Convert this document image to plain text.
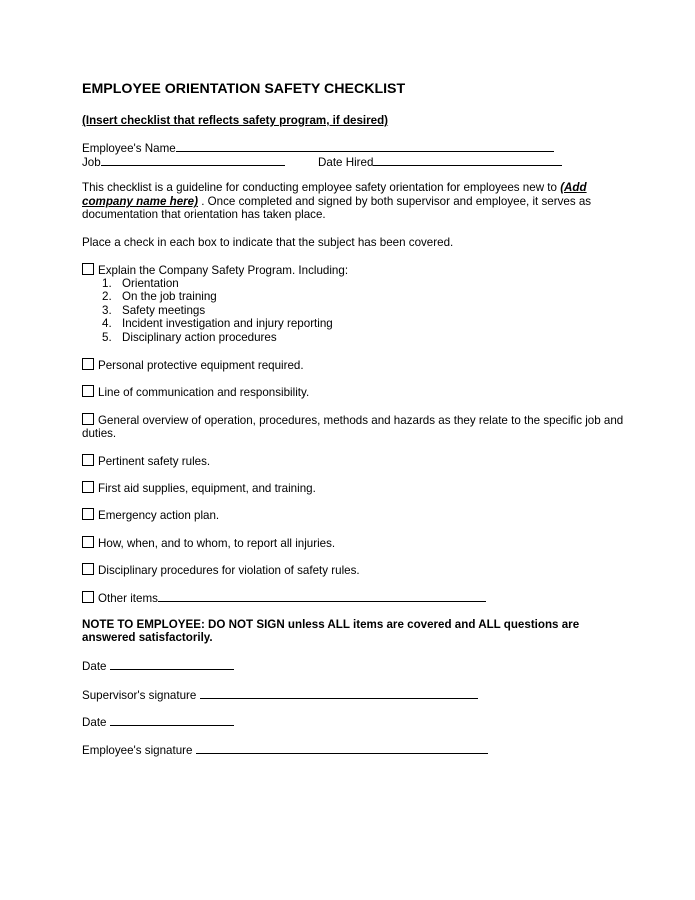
EMPLOYEE ORIENTATION SAFETY CHECKLIST
(Insert checklist that reflects safety program, if desired)
Employee's Name
Job	Date Hired
This checklist is a guideline for conducting employee safety orientation for employees new to (Add
company name here) . Once completed and signed by both supervisor and employee, it serves as
documentation that orientation has taken place.
Place a check in each box to indicate that the subject has been covered.
Explain the Company Safety Program. Including:
1. Orientation
2. On the job training
3. Safety meetings
4. Incident investigation and injury reporting
5. Disciplinary action procedures
Personal protective equipment required.
Line of communication and responsibility.
General overview of operation, procedures, methods and hazards as they relate to the specific job and
duties.
Pertinent safety rules.
First aid supplies, equipment, and training.
Emergency action plan.
How, when, and to whom, to report all injuries.
Disciplinary procedures for violation of safety rules.
Other items
NOTE TO EMPLOYEE: DO NOT SIGN unless ALL items are covered and ALL questions are
answered satisfactorily.
Date
Supervisor's signature
Date
Employee's signature
